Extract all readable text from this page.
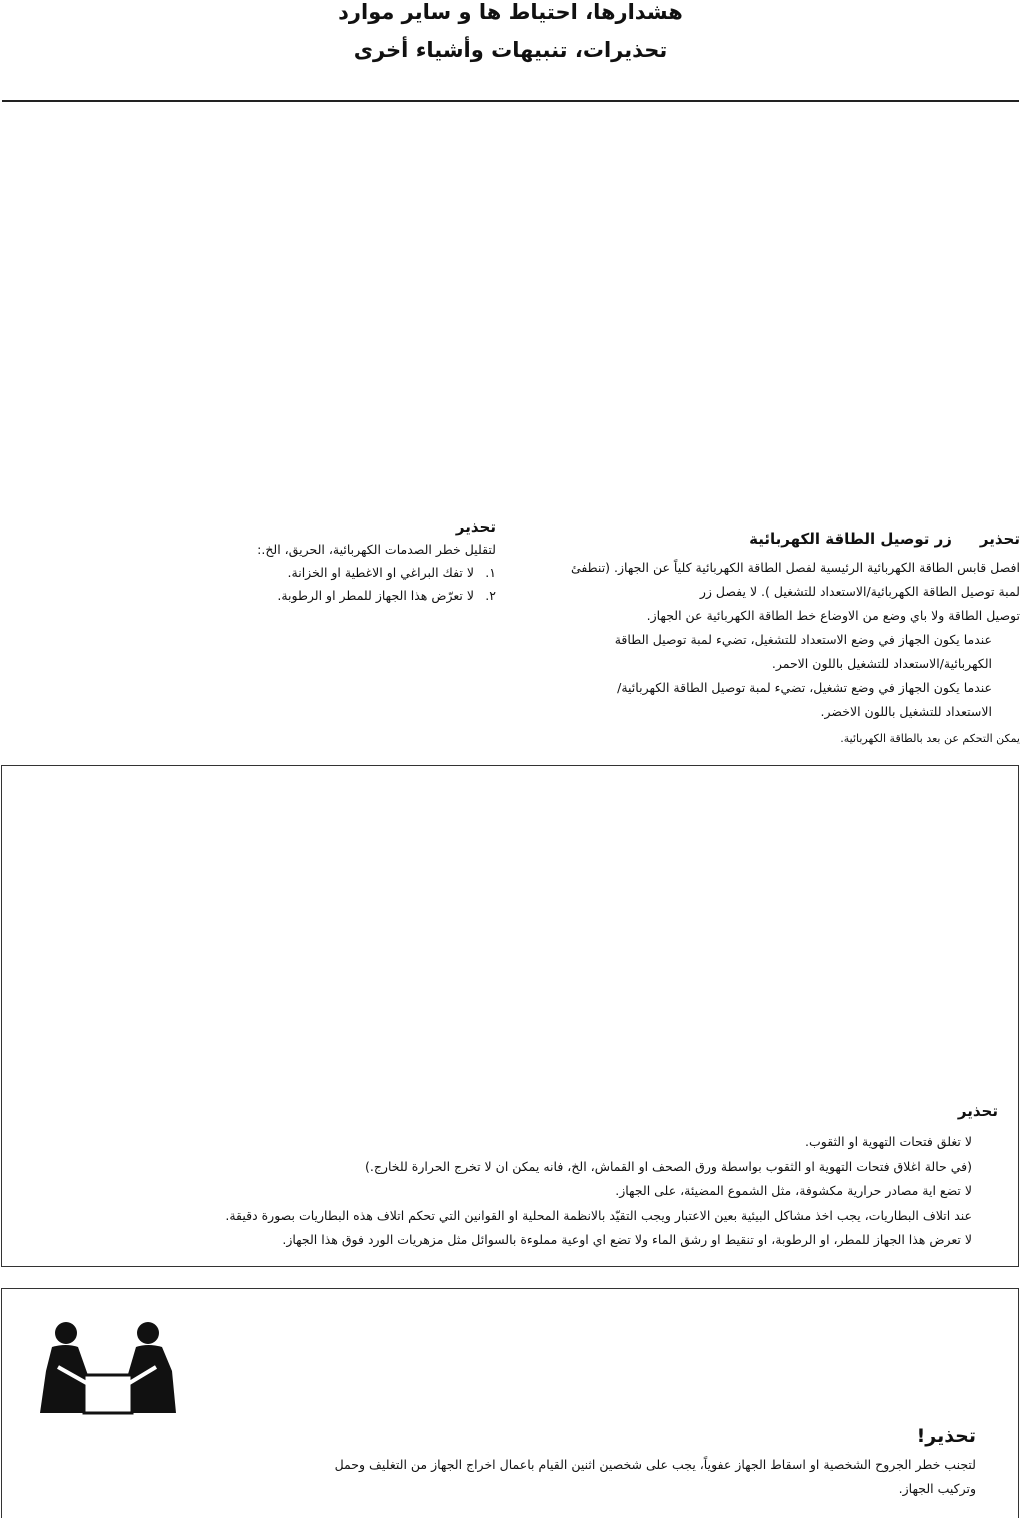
هشدارها، احتیاط ها و سایر موارد
تحذيرات، تنبيهات وأشياء أخرى
تحذير
لتقليل خطر الصدمات الكهربائية، الحريق، الخ.:
١.لا تفك البراغي او الاغطية او الخزانة.
٢.لا تعرّض هذا الجهاز للمطر او الرطوبة.
تحذيرزر توصيل الطاقة الكهربائية
افصل قابس الطاقة الكهربائية الرئيسية لفصل الطاقة الكهربائية كلياً عن الجهاز. (تنطفئ
لمبة توصيل الطاقة الكهربائية/الاستعداد للتشغيل ). لا يفصل زر
توصيل الطاقة ولا باي وضع من الاوضاع خط الطاقة الكهربائية عن الجهاز.
عندما يكون الجهاز في وضع الاستعداد للتشغيل، تضيء لمبة توصيل الطاقة
الكهربائية/الاستعداد للتشغيل باللون الاحمر.
عندما يكون الجهاز في وضع تشغيل، تضيء لمبة توصيل الطاقة الكهربائية/
الاستعداد للتشغيل باللون الاخضر.
يمكن التحكم عن بعد بالطاقة الكهربائية.
تحذير
لا تغلق فتحات التهوية او الثقوب.
(في حالة اغلاق فتحات التهوية او الثقوب بواسطة ورق الصحف او القماش، الخ، فانه يمكن ان لا تخرج الحرارة للخارج.)
لا تضع اية مصادر حرارية مكشوفة، مثل الشموع المضيئة، على الجهاز.
عند اتلاف البطاريات، يجب اخذ مشاكل البيئية بعين الاعتبار ويجب التقيّد بالانظمة المحلية او القوانين التي تحكم اتلاف هذه البطاريات بصورة دقيقة.
لا تعرض هذا الجهاز للمطر، او الرطوبة، او تنقيط او رشق الماء ولا تضع اي اوعية مملوءة بالسوائل مثل مزهريات الورد فوق هذا الجهاز.
تحذير!
لتجنب خطر الجروح الشخصية او اسقاط الجهاز عفوياً، يجب على شخصين اثنين القيام باعمال اخراج الجهاز من التغليف وحمل
وتركيب الجهاز.
